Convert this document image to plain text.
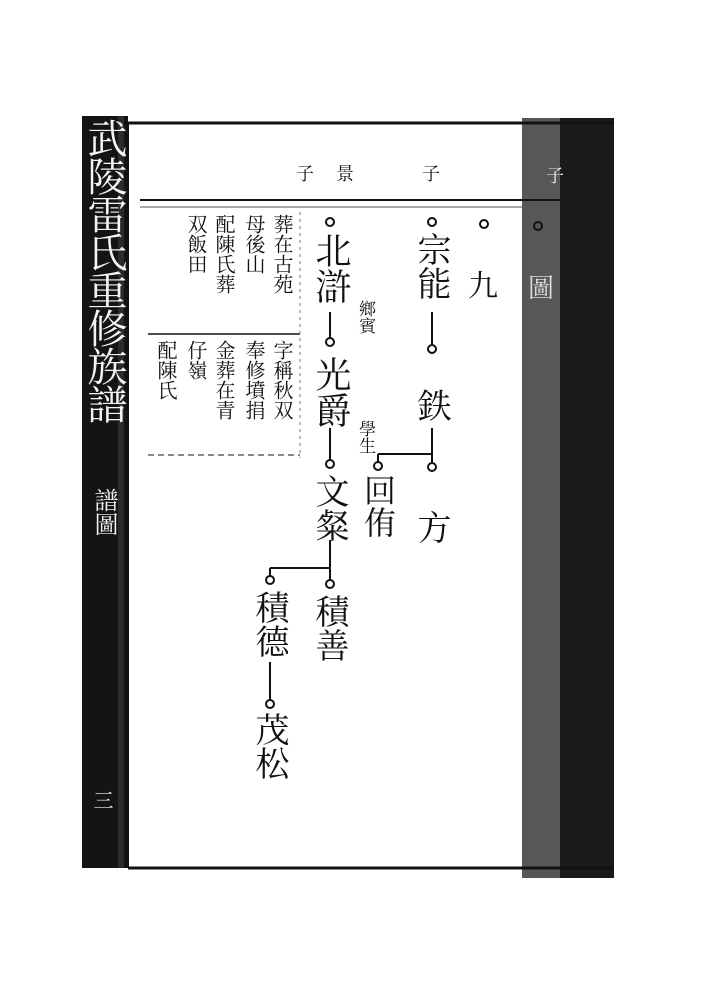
武陵雷氏重修族譜
譜圖
三
子 景	子	子
九 圖
宗能
鉄
方
回侑
北滸
鄉賓
光爵
學生
文粲
積善
積德
茂松
葬在古苑
母後山
配陳氏葬
双飯田
字稱秋双
奉修墳捐
金葬在青
仔嶺
配陳氏
